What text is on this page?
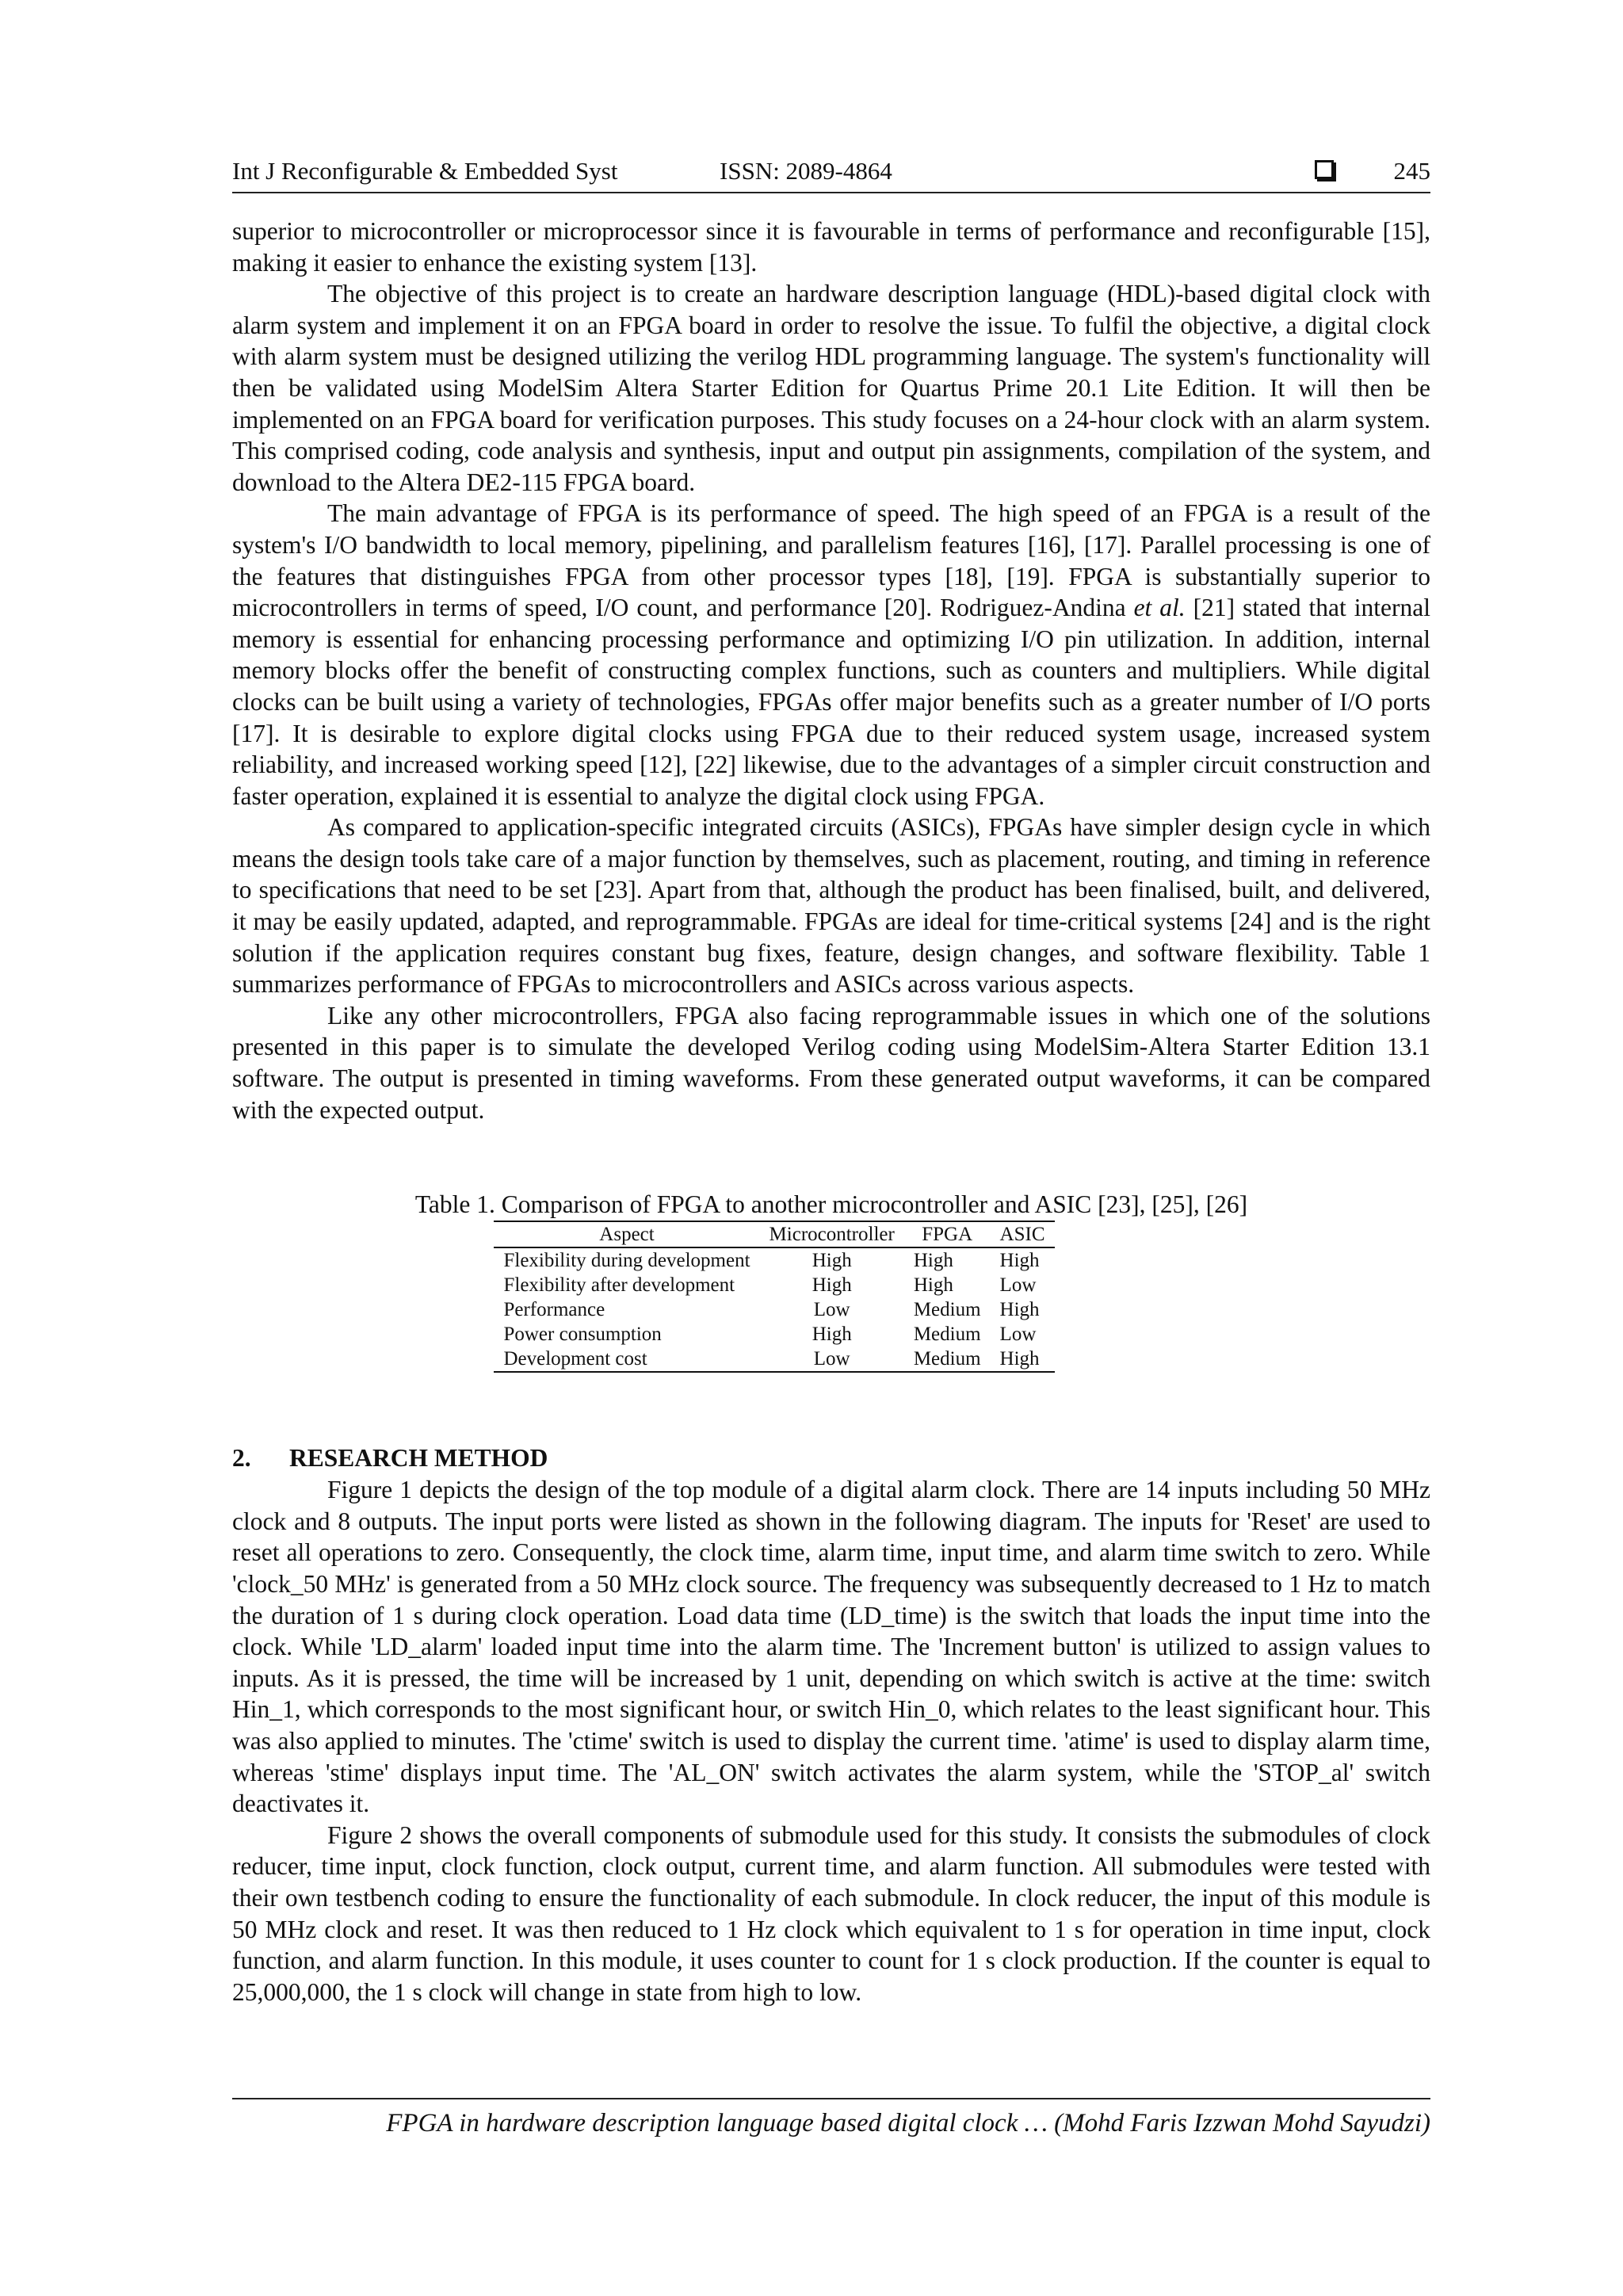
Int J Reconfigurable & Embedded Syst	ISSN: 2089-4864	245

superior to microcontroller or microprocessor since it is favourable in terms of performance and reconfigurable [15], making it easier to enhance the existing system [13].

The objective of this project is to create an hardware description language (HDL)-based digital clock with alarm system and implement it on an FPGA board in order to resolve the issue. To fulfil the objective, a digital clock with alarm system must be designed utilizing the verilog HDL programming language. The system's functionality will then be validated using ModelSim Altera Starter Edition for Quartus Prime 20.1 Lite Edition. It will then be implemented on an FPGA board for verification purposes. This study focuses on a 24-hour clock with an alarm system. This comprised coding, code analysis and synthesis, input and output pin assignments, compilation of the system, and download to the Altera DE2-115 FPGA board.

The main advantage of FPGA is its performance of speed. The high speed of an FPGA is a result of the system's I/O bandwidth to local memory, pipelining, and parallelism features [16], [17]. Parallel processing is one of the features that distinguishes FPGA from other processor types [18], [19]. FPGA is substantially superior to microcontrollers in terms of speed, I/O count, and performance [20]. Rodriguez-Andina et al. [21] stated that internal memory is essential for enhancing processing performance and optimizing I/O pin utilization. In addition, internal memory blocks offer the benefit of constructing complex functions, such as counters and multipliers. While digital clocks can be built using a variety of technologies, FPGAs offer major benefits such as a greater number of I/O ports [17]. It is desirable to explore digital clocks using FPGA due to their reduced system usage, increased system reliability, and increased working speed [12], [22] likewise, due to the advantages of a simpler circuit construction and faster operation, explained it is essential to analyze the digital clock using FPGA.

As compared to application-specific integrated circuits (ASICs), FPGAs have simpler design cycle in which means the design tools take care of a major function by themselves, such as placement, routing, and timing in reference to specifications that need to be set [23]. Apart from that, although the product has been finalised, built, and delivered, it may be easily updated, adapted, and reprogrammable. FPGAs are ideal for time-critical systems [24] and is the right solution if the application requires constant bug fixes, feature, design changes, and software flexibility. Table 1 summarizes performance of FPGAs to microcontrollers and ASICs across various aspects.

Like any other microcontrollers, FPGA also facing reprogrammable issues in which one of the solutions presented in this paper is to simulate the developed Verilog coding using ModelSim-Altera Starter Edition 13.1 software. The output is presented in timing waveforms. From these generated output waveforms, it can be compared with the expected output.

Table 1. Comparison of FPGA to another microcontroller and ASIC [23], [25], [26]
Aspect	Microcontroller	FPGA	ASIC
Flexibility during development	High	High	High
Flexibility after development	High	High	Low
Performance	Low	Medium	High
Power consumption	High	Medium	Low
Development cost	Low	Medium	High
2. RESEARCH METHOD

Figure 1 depicts the design of the top module of a digital alarm clock. There are 14 inputs including 50 MHz clock and 8 outputs. The input ports were listed as shown in the following diagram. The inputs for 'Reset' are used to reset all operations to zero. Consequently, the clock time, alarm time, input time, and alarm time switch to zero. While 'clock_50 MHz' is generated from a 50 MHz clock source. The frequency was subsequently decreased to 1 Hz to match the duration of 1 s during clock operation. Load data time (LD_time) is the switch that loads the input time into the clock. While 'LD_alarm' loaded input time into the alarm time. The 'Increment button' is utilized to assign values to inputs. As it is pressed, the time will be increased by 1 unit, depending on which switch is active at the time: switch Hin_1, which corresponds to the most significant hour, or switch Hin_0, which relates to the least significant hour. This was also applied to minutes. The 'ctime' switch is used to display the current time. 'atime' is used to display alarm time, whereas 'stime' displays input time. The 'AL_ON' switch activates the alarm system, while the 'STOP_al' switch deactivates it.

Figure 2 shows the overall components of submodule used for this study. It consists the submodules of clock reducer, time input, clock function, clock output, current time, and alarm function. All submodules were tested with their own testbench coding to ensure the functionality of each submodule. In clock reducer, the input of this module is 50 MHz clock and reset. It was then reduced to 1 Hz clock which equivalent to 1 s for operation in time input, clock function, and alarm function. In this module, it uses counter to count for 1 s clock production. If the counter is equal to 25,000,000, the 1 s clock will change in state from high to low.

FPGA in hardware description language based digital clock … (Mohd Faris Izzwan Mohd Sayudzi)
